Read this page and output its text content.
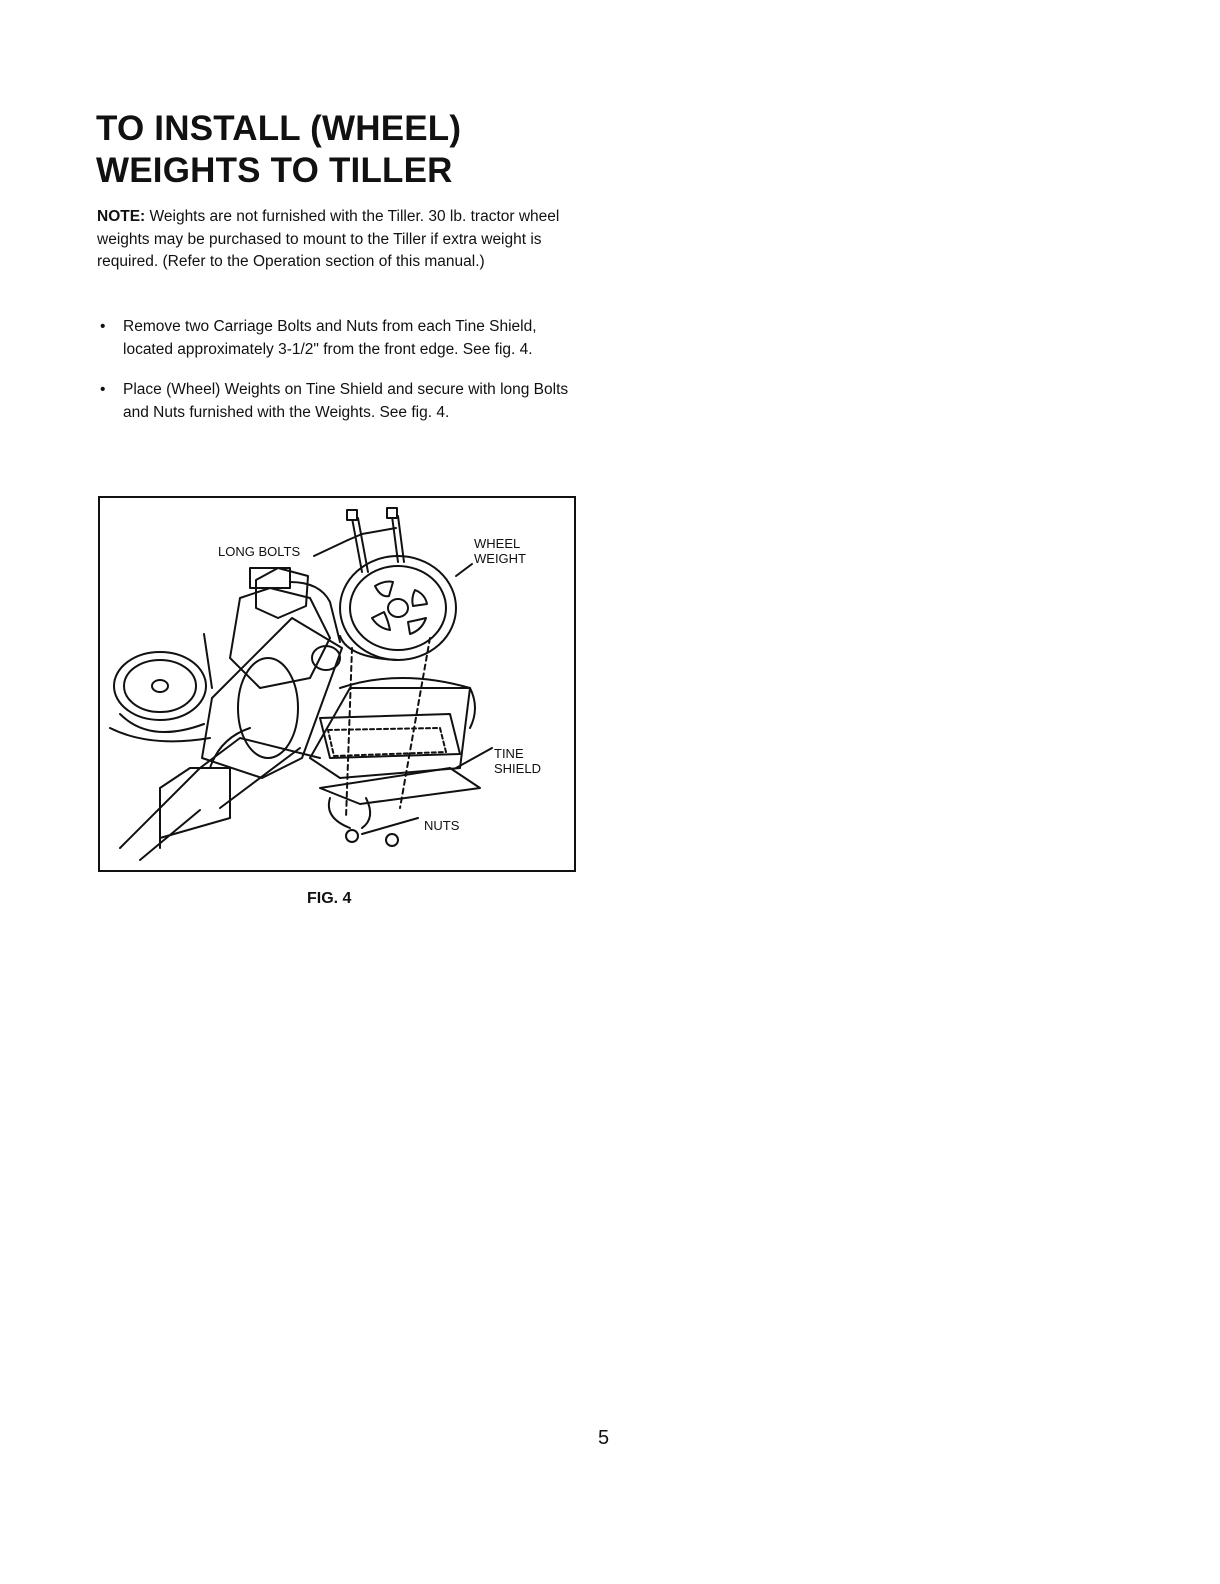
TO INSTALL (WHEEL)
WEIGHTS TO TILLER

NOTE: Weights are not furnished with the Tiller. 30 lb. tractor wheel weights may be purchased to mount to the Tiller if extra weight is required. (Refer to the Operation section of this manual.)

• Remove two Carriage Bolts and Nuts from each Tine Shield, located approximately 3-1/2" from the front edge. See fig. 4.
• Place (Wheel) Weights on Tine Shield and secure with long Bolts and Nuts furnished with the Weights. See fig. 4.
LONG BOLTS
WHEEL
WEIGHT
TINE
SHIELD
NUTS
FIG. 4
5
